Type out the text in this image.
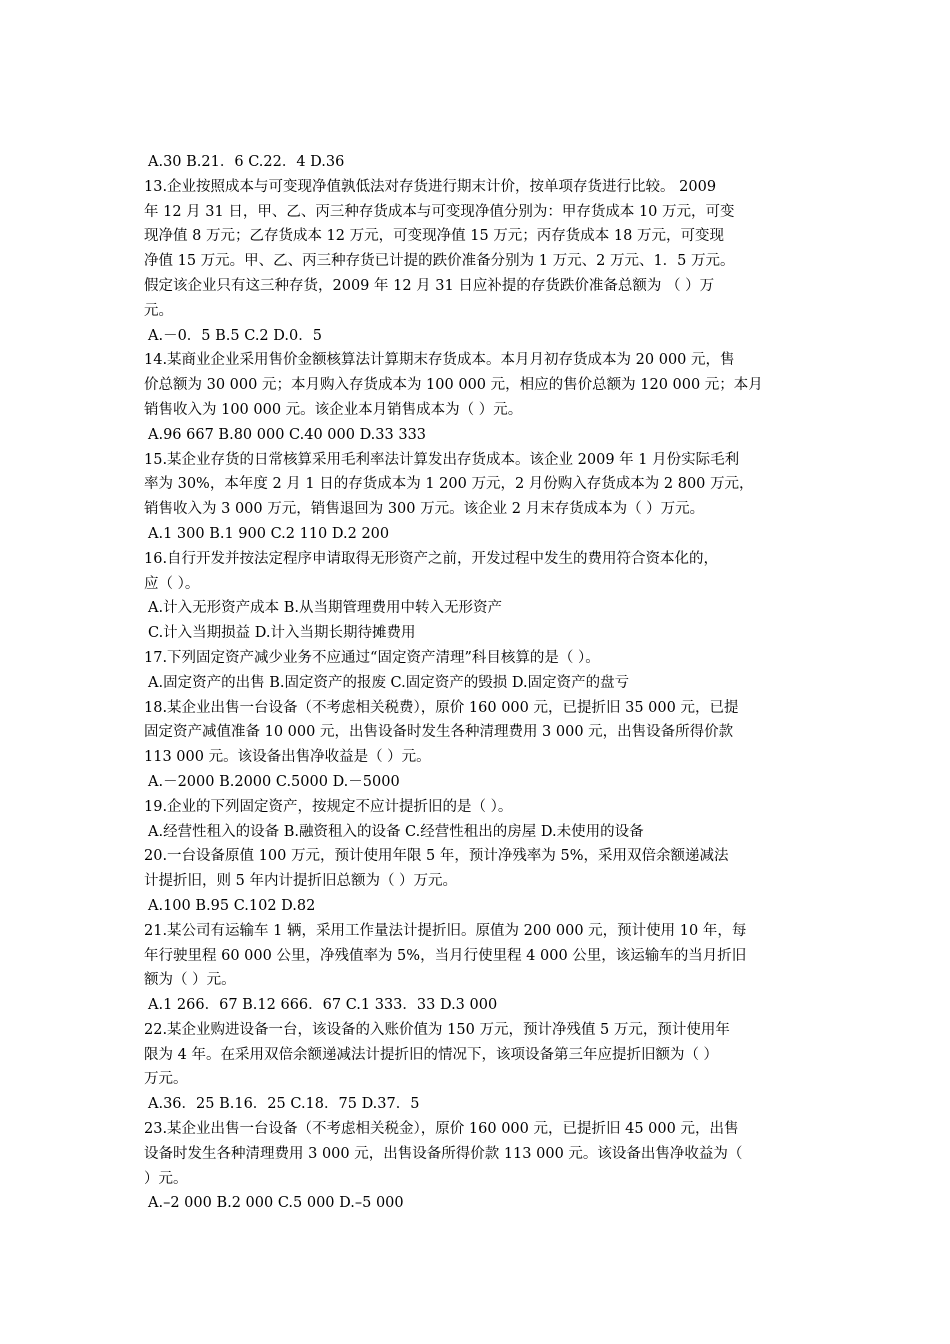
A.30 B.21．6 C.22．4 D.36
13.企业按照成本与可变现净值孰低法对存货进行期末计价，按单项存货进行比较。 2009
年 12 月 31 日，甲、乙、丙三种存货成本与可变现净值分别为：甲存货成本 10 万元，可变
现净值 8 万元；乙存货成本 12 万元，可变现净值 15 万元；丙存货成本 18 万元，可变现
净值 15 万元。甲、乙、丙三种存货已计提的跌价准备分别为 1 万元、2 万元、1．5 万元。
假定该企业只有这三种存货，2009 年 12 月 31 日应补提的存货跌价准备总额为 （ ）万
元。
A.－0．5 B.5 C.2 D.0．5
14.某商业企业采用售价金额核算法计算期末存货成本。本月月初存货成本为 20 000 元，售
价总额为 30 000 元；本月购入存货成本为 100 000 元，相应的售价总额为 120 000 元；本月
销售收入为 100 000 元。该企业本月销售成本为（ ）元。
A.96 667 B.80 000 C.40 000 D.33 333
15.某企业存货的日常核算采用毛利率法计算发出存货成本。该企业 2009 年 1 月份实际毛利
率为 30%，本年度 2 月 1 日的存货成本为 1 200 万元，2 月份购入存货成本为 2 800 万元，
销售收入为 3 000 万元，销售退回为 300 万元。该企业 2 月末存货成本为（ ）万元。
A.1 300 B.1 900 C.2 110 D.2 200
16.自行开发并按法定程序申请取得无形资产之前，开发过程中发生的费用符合资本化的，
应（ ）。
A.计入无形资产成本 B.从当期管理费用中转入无形资产
C.计入当期损益 D.计入当期长期待摊费用
17.下列固定资产减少业务不应通过“固定资产清理”科目核算的是（ ）。
A.固定资产的出售 B.固定资产的报废 C.固定资产的毁损 D.固定资产的盘亏
18.某企业出售一台设备（不考虑相关税费），原价 160 000 元，已提折旧 35 000 元，已提
固定资产减值准备 10 000 元，出售设备时发生各种清理费用 3 000 元，出售设备所得价款
113 000 元。该设备出售净收益是（ ）元。
A.－2000 B.2000 C.5000 D.－5000
19.企业的下列固定资产，按规定不应计提折旧的是（ ）。
A.经营性租入的设备 B.融资租入的设备 C.经营性租出的房屋 D.未使用的设备
20.一台设备原值 100 万元，预计使用年限 5 年，预计净残率为 5%，采用双倍余额递减法
计提折旧，则 5 年内计提折旧总额为（ ）万元。
A.100 B.95 C.102 D.82
21.某公司有运输车 1 辆，采用工作量法计提折旧。原值为 200 000 元，预计使用 10 年，每
年行驶里程 60 000 公里，净残值率为 5%，当月行使里程 4 000 公里，该运输车的当月折旧
额为（ ）元。
A.1 266．67 B.12 666．67 C.1 333．33 D.3 000
22.某企业购进设备一台，该设备的入账价值为 150 万元，预计净残值 5 万元，预计使用年
限为 4 年。在采用双倍余额递减法计提折旧的情况下，该项设备第三年应提折旧额为（ ）
万元。
A.36．25 B.16．25 C.18．75 D.37．5
23.某企业出售一台设备（不考虑相关税金），原价 160 000 元，已提折旧 45 000 元，出售
设备时发生各种清理费用 3 000 元，出售设备所得价款 113 000 元。该设备出售净收益为（
）元。
A.–2 000 B.2 000 C.5 000 D.–5 000
